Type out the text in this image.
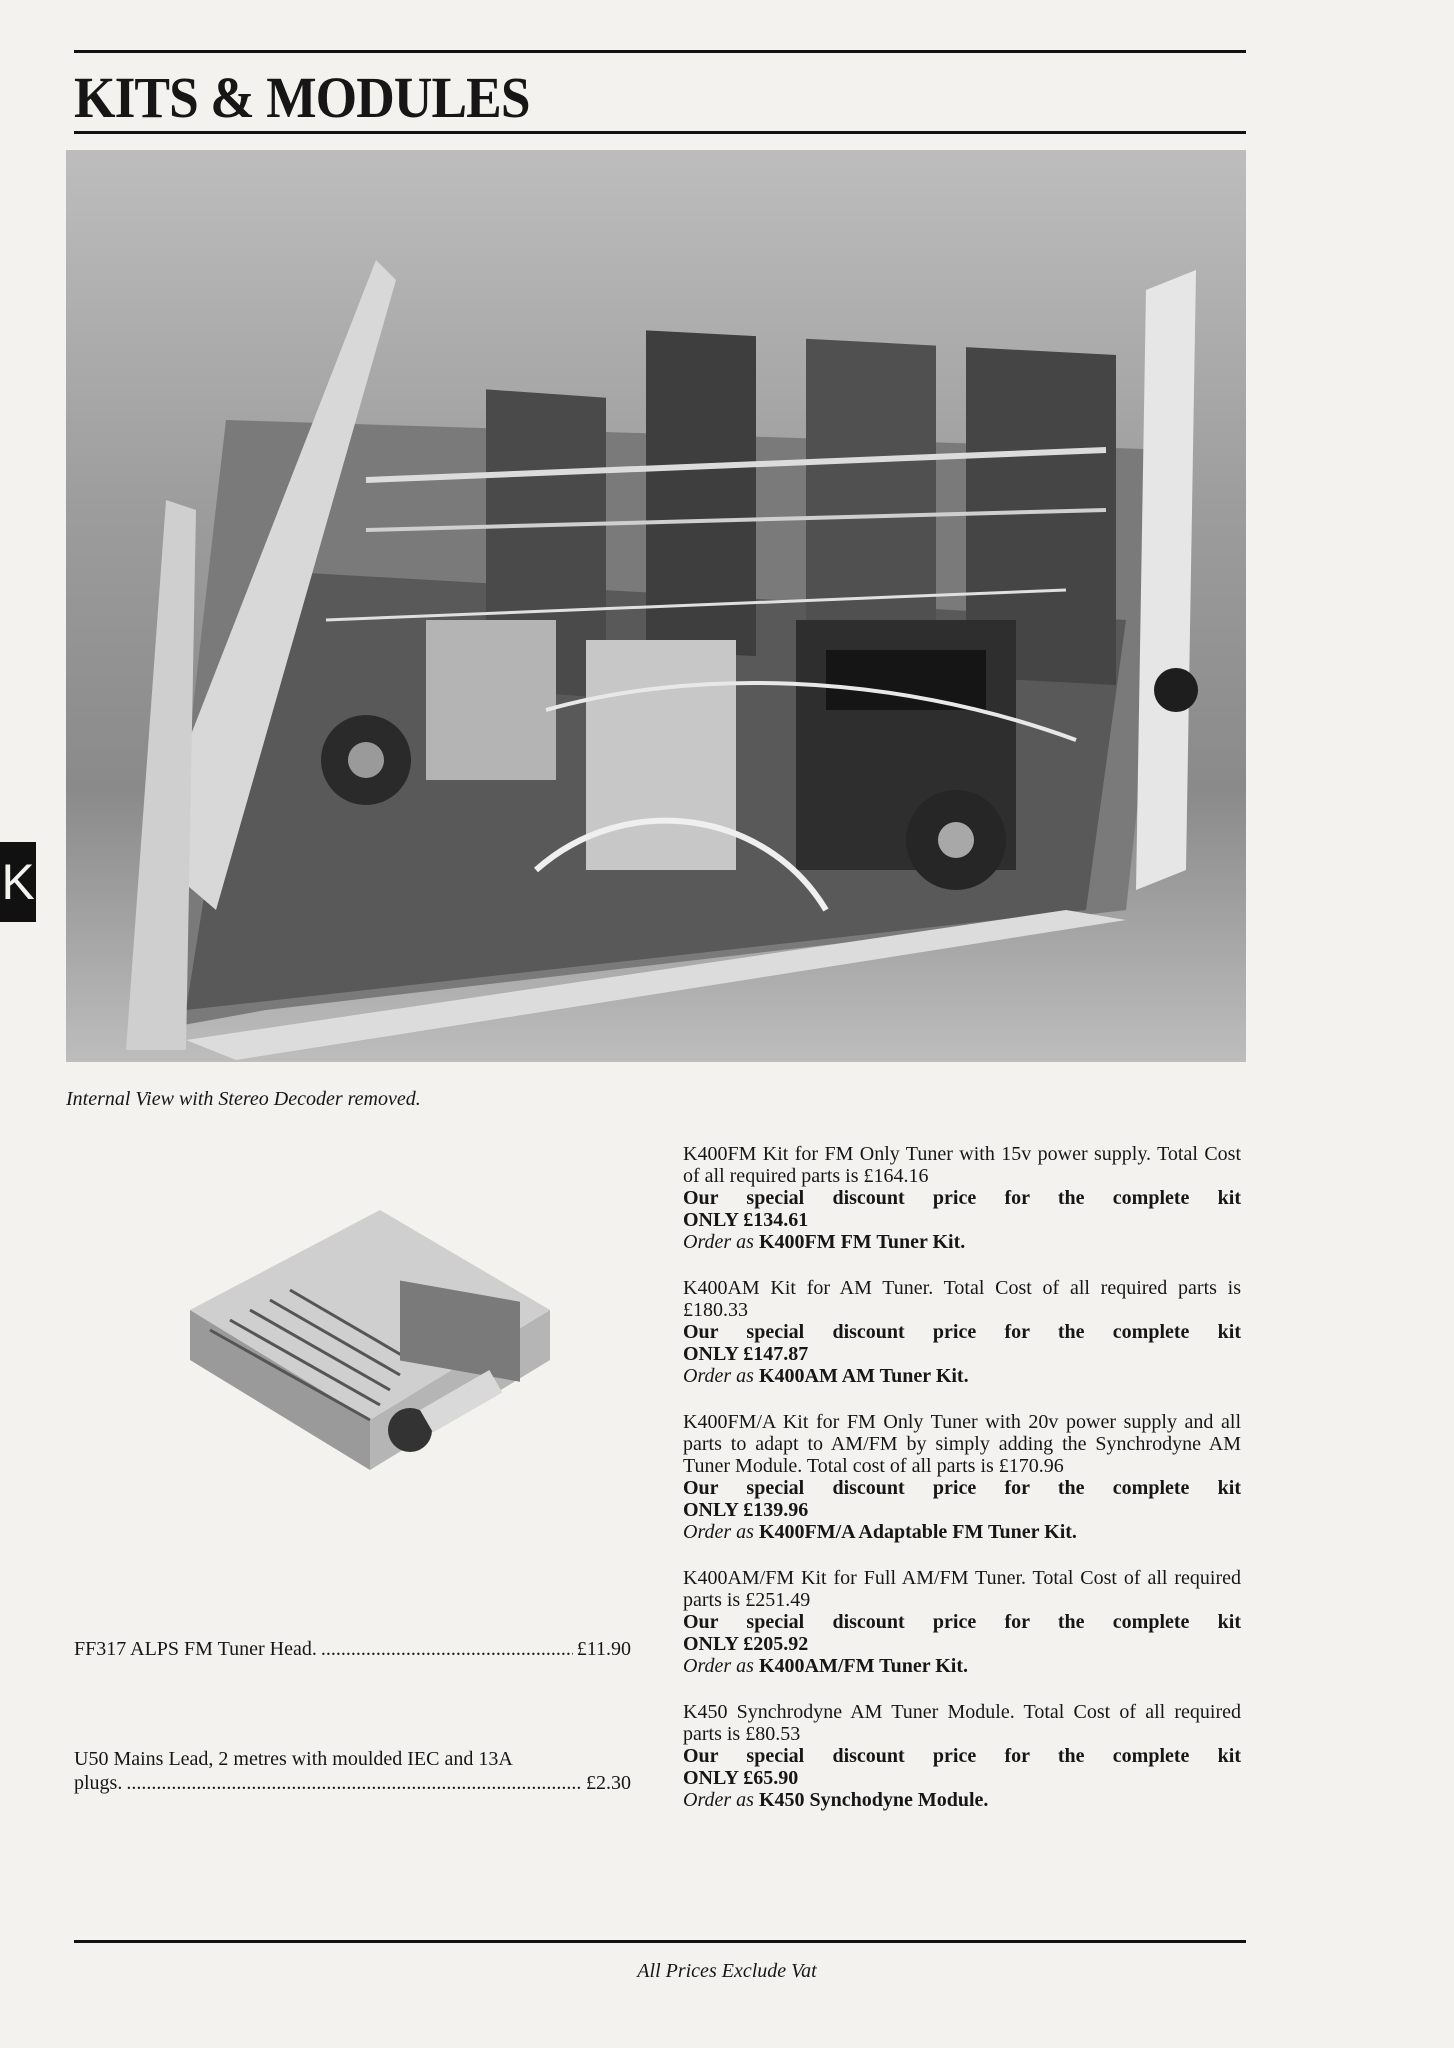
KITS & MODULES
K
Internal View with Stereo Decoder removed.
FF317 ALPS FM Tuner Head. .....	£11.90
U50 Mains Lead, 2 metres with moulded IEC and 13A
plugs. .....	£2.30
K400FM Kit for FM Only Tuner with 15v power supply. Total Cost of all required parts is £164.16
Our special discount price for the complete kit
ONLY £134.61
Order as K400FM FM Tuner Kit.
K400AM Kit for AM Tuner. Total Cost of all required parts is £180.33
Our special discount price for the complete kit
ONLY £147.87
Order as K400AM AM Tuner Kit.
K400FM/A Kit for FM Only Tuner with 20v power supply and all parts to adapt to AM/FM by simply adding the Synchrodyne AM Tuner Module. Total cost of all parts is £170.96
Our special discount price for the complete kit
ONLY £139.96
Order as K400FM/A Adaptable FM Tuner Kit.
K400AM/FM Kit for Full AM/FM Tuner. Total Cost of all required parts is £251.49
Our special discount price for the complete kit
ONLY £205.92
Order as K400AM/FM Tuner Kit.
K450 Synchrodyne AM Tuner Module. Total Cost of all required parts is £80.53
Our special discount price for the complete kit
ONLY £65.90
Order as K450 Synchodyne Module.
All Prices Exclude Vat
